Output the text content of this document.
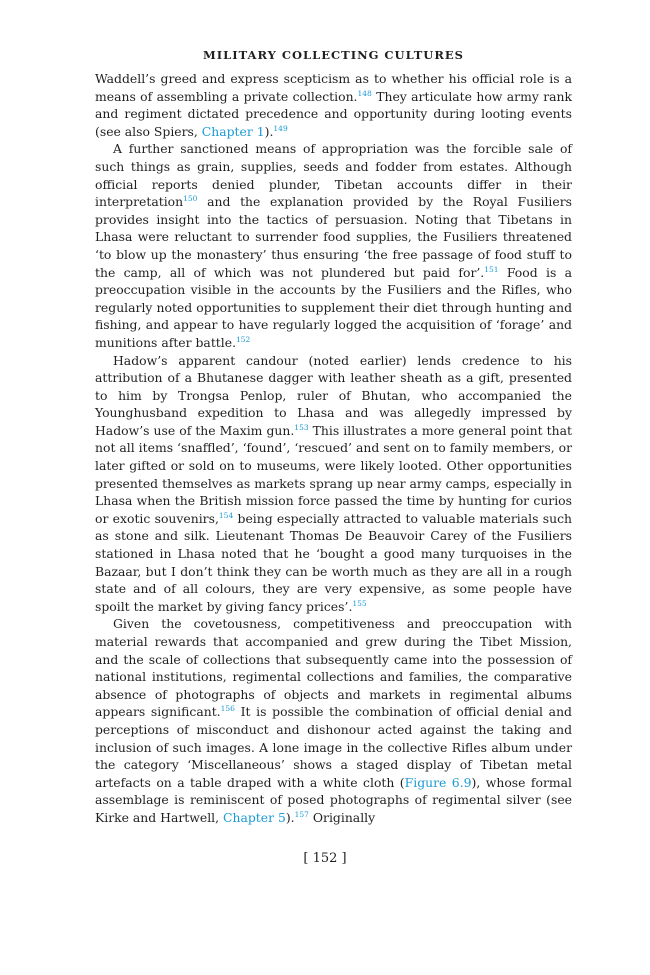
MILITARY COLLECTING CULTURES

Waddell’s greed and express scepticism as to whether his official role is a means of assembling a private collection.$^{148}$ They articulate how army rank and regiment dictated precedence and opportunity during looting events (see also Spiers, Chapter 1).$^{149}$

A further sanctioned means of appropriation was the forcible sale of such things as grain, supplies, seeds and fodder from estates. Although official reports denied plunder, Tibetan accounts differ in their interpretation$^{150}$ and the explanation provided by the Royal Fusiliers provides insight into the tactics of persuasion. Noting that Tibetans in Lhasa were reluctant to surrender food supplies, the Fusiliers threatened ‘to blow up the monastery’ thus ensuring ‘the free passage of food stuff to the camp, all of which was not plundered but paid for’.$^{151}$ Food is a preoccupation visible in the accounts by the Fusiliers and the Rifles, who regularly noted opportunities to supplement their diet through hunting and fishing, and appear to have regularly logged the acquisition of ‘forage’ and munitions after battle.$^{152}$

Hadow’s apparent candour (noted earlier) lends credence to his attribution of a Bhutanese dagger with leather sheath as a gift, presented to him by Trongsa Penlop, ruler of Bhutan, who accompanied the Younghusband expedition to Lhasa and was allegedly impressed by Hadow’s use of the Maxim gun.$^{153}$ This illustrates a more general point that not all items ‘snaffled’, ‘found’, ‘rescued’ and sent on to family members, or later gifted or sold on to museums, were likely looted. Other opportunities presented themselves as markets sprang up near army camps, especially in Lhasa when the British mission force passed the time by hunting for curios or exotic souvenirs,$^{154}$ being especially attracted to valuable materials such as stone and silk. Lieutenant Thomas De Beauvoir Carey of the Fusiliers stationed in Lhasa noted that he ‘bought a good many turquoises in the Bazaar, but I don’t think they can be worth much as they are all in a rough state and of all colours, they are very expensive, as some people have spoilt the market by giving fancy prices’.$^{155}$

Given the covetousness, competitiveness and preoccupation with material rewards that accompanied and grew during the Tibet Mission, and the scale of collections that subsequently came into the possession of national institutions, regimental collections and families, the comparative absence of photographs of objects and markets in regimental albums appears significant.$^{156}$ It is possible the combination of official denial and perceptions of misconduct and dishonour acted against the taking and inclusion of such images. A lone image in the collective Rifles album under the category ‘Miscellaneous’ shows a staged display of Tibetan metal artefacts on a table draped with a white cloth (Figure 6.9), whose formal assemblage is reminiscent of posed photographs of regimental silver (see Kirke and Hartwell, Chapter 5).$^{157}$ Originally

[ 152 ]
